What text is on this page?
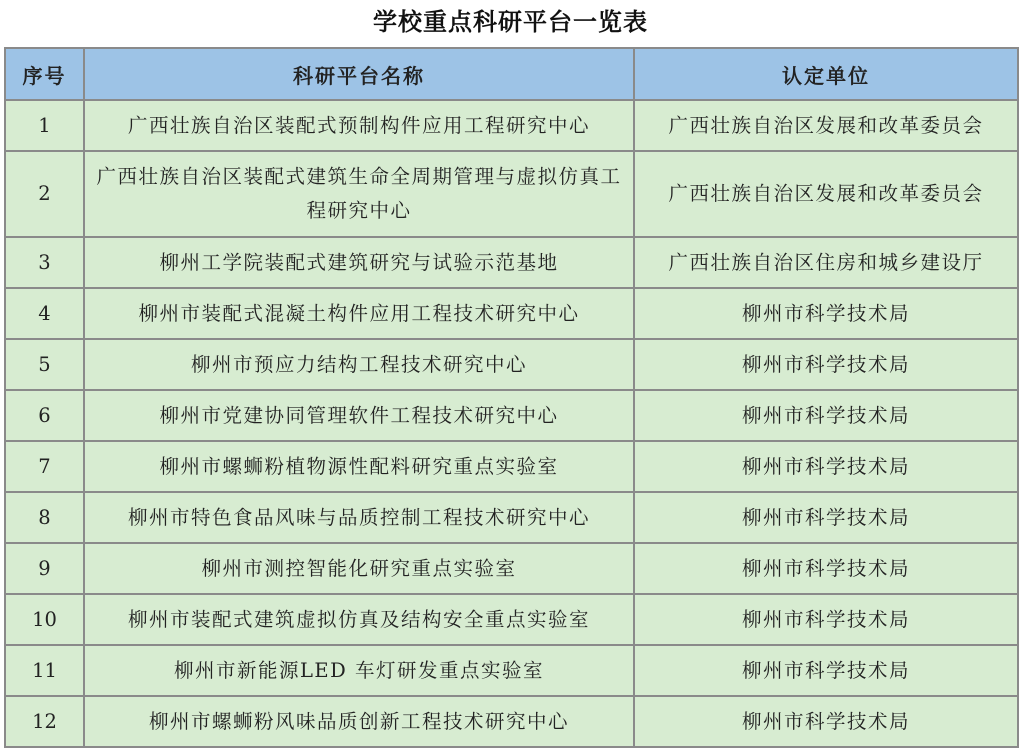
学校重点科研平台一览表
序号	科研平台名称	认定单位
1	广西壮族自治区装配式预制构件应用工程研究中心	广西壮族自治区发展和改革委员会
2	广西壮族自治区装配式建筑生命全周期管理与虚拟仿真工程研究中心	广西壮族自治区发展和改革委员会
3	柳州工学院装配式建筑研究与试验示范基地	广西壮族自治区住房和城乡建设厅
4	柳州市装配式混凝土构件应用工程技术研究中心	柳州市科学技术局
5	柳州市预应力结构工程技术研究中心	柳州市科学技术局
6	柳州市党建协同管理软件工程技术研究中心	柳州市科学技术局
7	柳州市螺蛳粉植物源性配料研究重点实验室	柳州市科学技术局
8	柳州市特色食品风味与品质控制工程技术研究中心	柳州市科学技术局
9	柳州市测控智能化研究重点实验室	柳州市科学技术局
10	柳州市装配式建筑虚拟仿真及结构安全重点实验室	柳州市科学技术局
11	柳州市新能源LED 车灯研发重点实验室	柳州市科学技术局
12	柳州市螺蛳粉风味品质创新工程技术研究中心	柳州市科学技术局
